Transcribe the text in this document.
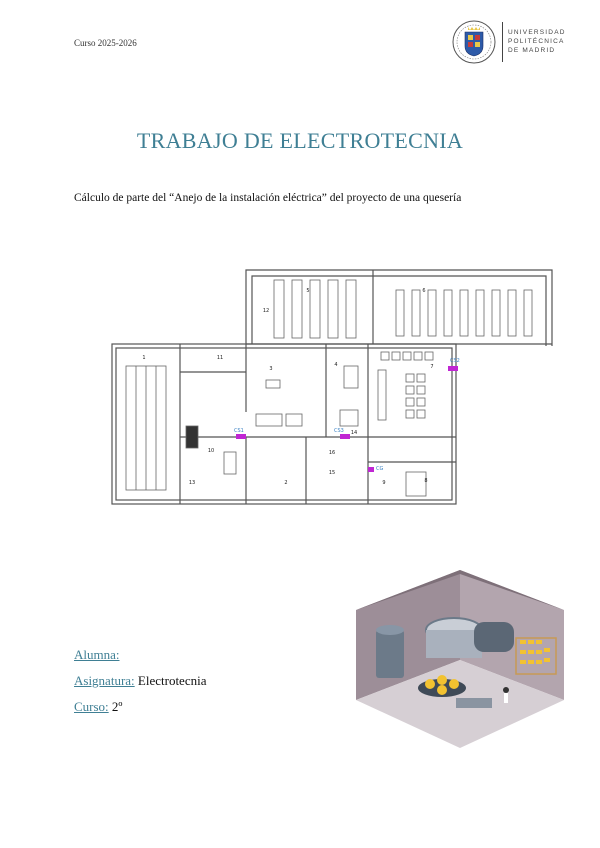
Curso 2025-2026
UNIVERSIDAD
POLITÉCNICA
DE MADRID
TRABAJO DE ELECTROTECNIA
Cálculo de parte del “Anejo de la instalación eléctrica” del proyecto de una quesería
CS1
CS2
CS3
CG
1
2
3
4
5	6
7
8
9
10
11
12
13
14
15
16
Alumna:
Asignatura: Electrotecnia
Curso: 2º
